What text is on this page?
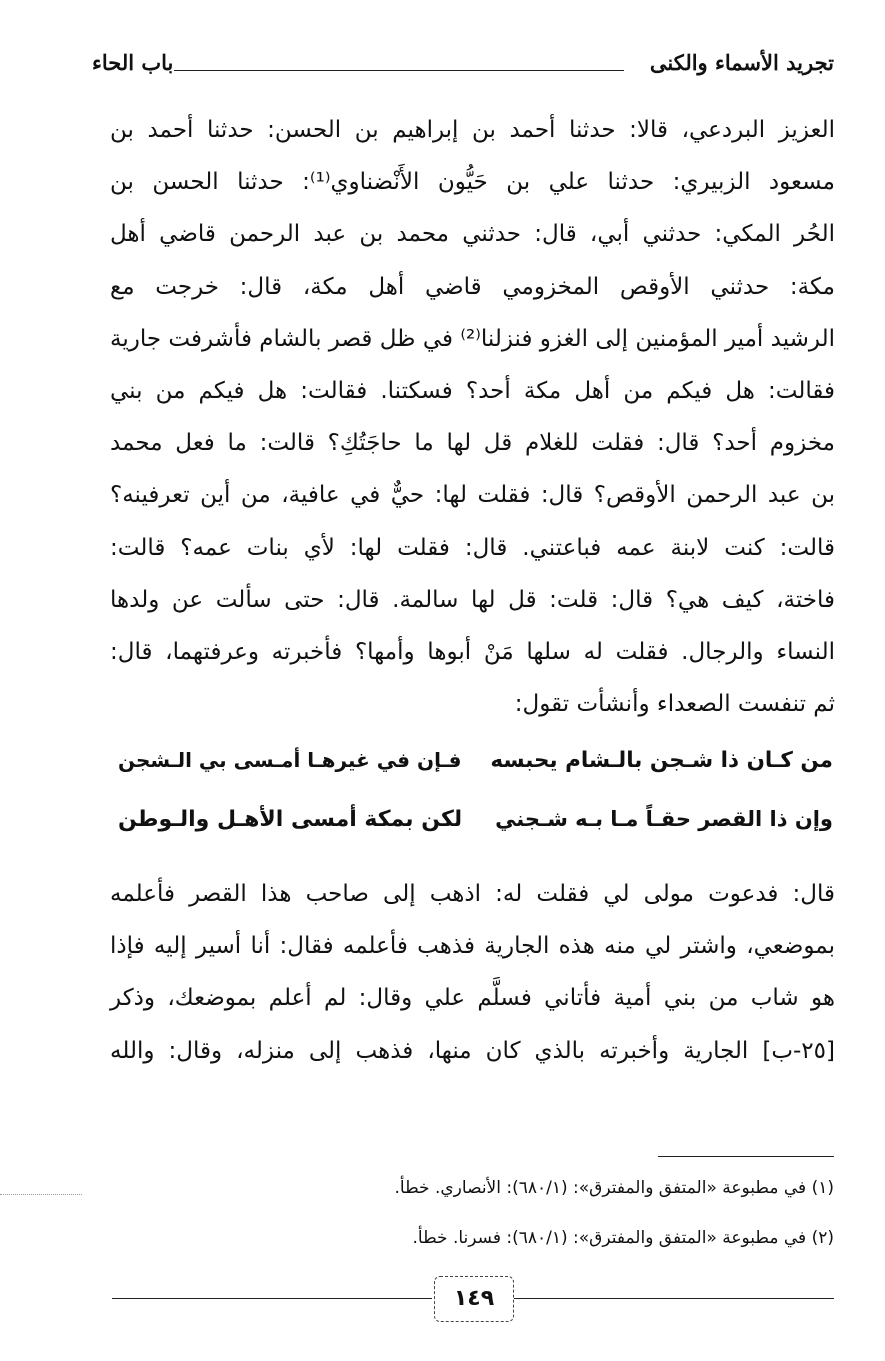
تجريد الأسماء والكنى
باب الحاء
العزيز البردعي، قالا: حدثنا أحمد بن إبراهيم بن الحسن: حدثنا أحمد بن
مسعود الزبيري: حدثنا علي بن حَيُّون الأَنْضناوي⁽¹⁾: حدثنا الحسن بن
الحُر المكي: حدثني أبي، قال: حدثني محمد بن عبد الرحمن قاضي أهل
مكة: حدثني الأوقص المخزومي قاضي أهل مكة، قال: خرجت مع
الرشيد أمير المؤمنين إلى الغزو فنزلنا⁽²⁾ في ظل قصر بالشام فأشرفت جارية
فقالت: هل فيكم من أهل مكة أحد؟ فسكتنا. فقالت: هل فيكم من بني
مخزوم أحد؟ قال: فقلت للغلام قل لها ما حاجَتُكِ؟ قالت: ما فعل محمد
بن عبد الرحمن الأوقص؟ قال: فقلت لها: حيٌّ في عافية، من أين تعرفينه؟
قالت: كنت لابنة عمه فباعتني. قال: فقلت لها: لأي بنات عمه؟ قالت:
فاختة، كيف هي؟ قال: قلت: قل لها سالمة. قال: حتى سألت عن ولدها
النساء والرجال. فقلت له سلها مَنْ أبوها وأمها؟ فأخبرته وعرفتهما، قال:
ثم تنفست الصعداء وأنشأت تقول:
من كـان ذا شـجن بالـشام يحبسه
فـإن في غيرهـا أمـسى بي الـشجن
وإن ذا القصر حقـاً مـا بـه شـجني
لكن بمكة أمسى الأهـل والـوطن
قال: فدعوت مولى لي فقلت له: اذهب إلى صاحب هذا القصر فأعلمه
بموضعي، واشتر لي منه هذه الجارية فذهب فأعلمه فقال: أنا أسير إليه فإذا
هو شاب من بني أمية فأتاني فسلَّم علي وقال: لم أعلم بموضعك، وذكر
[٢٥-ب] الجارية وأخبرته بالذي كان منها، فذهب إلى منزله، وقال: والله
(١) في مطبوعة «المتفق والمفترق»: (٦٨٠/١): الأنصاري. خطأ.
(٢) في مطبوعة «المتفق والمفترق»: (٦٨٠/١): فسرنا. خطأ.
١٤٩
